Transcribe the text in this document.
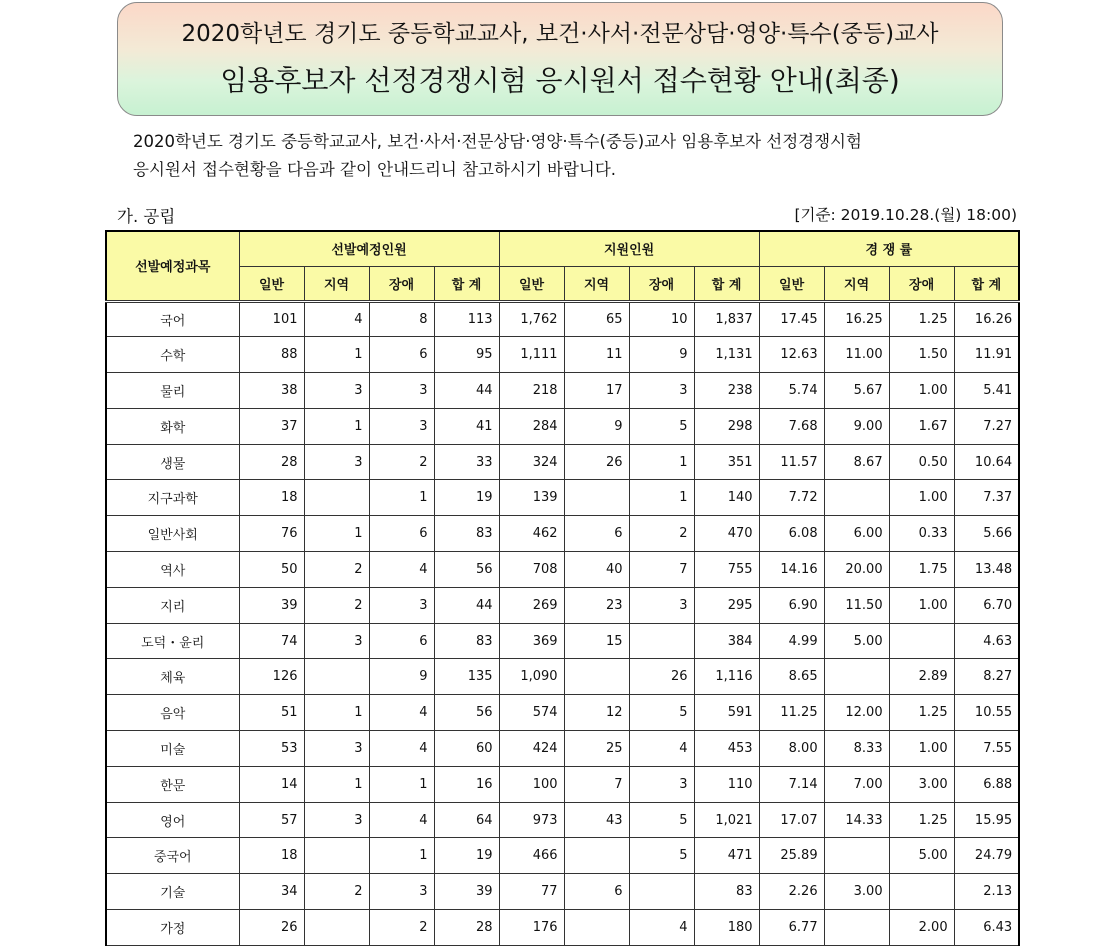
2020학년도 경기도 중등학교교사, 보건·사서·전문상담·영양·특수(중등)교사
임용후보자 선정경쟁시험 응시원서 접수현황 안내(최종)
2020학년도 경기도 중등학교교사, 보건·사서·전문상담·영양·특수(중등)교사 임용후보자 선정경쟁시험
응시원서 접수현황을 다음과 같이 안내드리니 참고하시기 바랍니다.
가. 공립	[기준: 2019.10.28.(월) 18:00)
선발예정과목	선발예정인원				지원인원				경 쟁 률			
	일반	지역	장애	합 계	일반	지역	장애	합 계	일반	지역	장애	합 계
국어	101	4	8	113	1,762	65	10	1,837	17.45	16.25	1.25	16.26
수학	88	1	6	95	1,111	11	9	1,131	12.63	11.00	1.50	11.91
물리	38	3	3	44	218	17	3	238	5.74	5.67	1.00	5.41
화학	37	1	3	41	284	9	5	298	7.68	9.00	1.67	7.27
생물	28	3	2	33	324	26	1	351	11.57	8.67	0.50	10.64
지구과학	18		1	19	139		1	140	7.72		1.00	7.37
일반사회	76	1	6	83	462	6	2	470	6.08	6.00	0.33	5.66
역사	50	2	4	56	708	40	7	755	14.16	20.00	1.75	13.48
지리	39	2	3	44	269	23	3	295	6.90	11.50	1.00	6.70
도덕・윤리	74	3	6	83	369	15		384	4.99	5.00		4.63
체육	126		9	135	1,090		26	1,116	8.65		2.89	8.27
음악	51	1	4	56	574	12	5	591	11.25	12.00	1.25	10.55
미술	53	3	4	60	424	25	4	453	8.00	8.33	1.00	7.55
한문	14	1	1	16	100	7	3	110	7.14	7.00	3.00	6.88
영어	57	3	4	64	973	43	5	1,021	17.07	14.33	1.25	15.95
중국어	18		1	19	466		5	471	25.89		5.00	24.79
기술	34	2	3	39	77	6		83	2.26	3.00		2.13
가정	26		2	28	176		4	180	6.77		2.00	6.43
